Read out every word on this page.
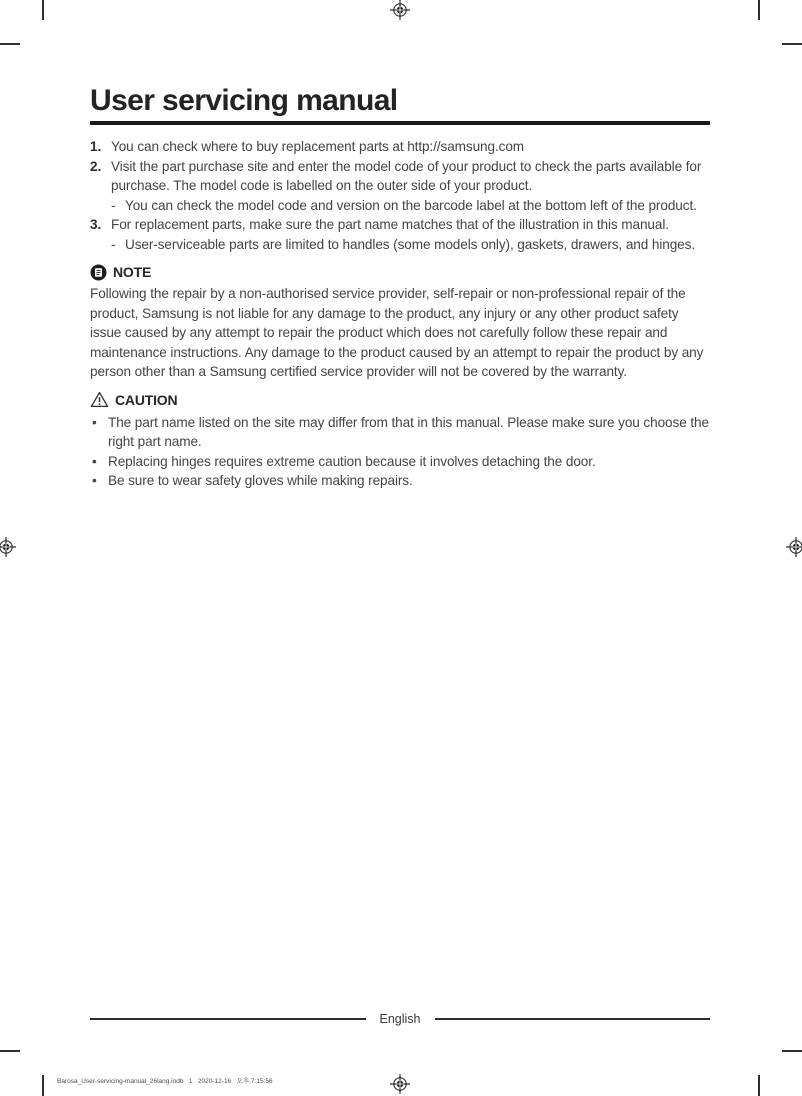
User servicing manual
1. You can check where to buy replacement parts at http://samsung.com
2. Visit the part purchase site and enter the model code of your product to check the parts available for purchase. The model code is labelled on the outer side of your product.
- You can check the model code and version on the barcode label at the bottom left of the product.
3. For replacement parts, make sure the part name matches that of the illustration in this manual.
- User-serviceable parts are limited to handles (some models only), gaskets, drawers, and hinges.
NOTE
Following the repair by a non-authorised service provider, self-repair or non-professional repair of the product, Samsung is not liable for any damage to the product, any injury or any other product safety issue caused by any attempt to repair the product which does not carefully follow these repair and maintenance instructions. Any damage to the product caused by an attempt to repair the product by any person other than a Samsung certified service provider will not be covered by the warranty.
CAUTION
• The part name listed on the site may differ from that in this manual. Please make sure you choose the right part name.
• Replacing hinges requires extreme caution because it involves detaching the door.
• Be sure to wear safety gloves while making repairs.
English
Barosa_User-servicing-manual_26lang.indb   1 2020-12-16   오후 7:15:56
